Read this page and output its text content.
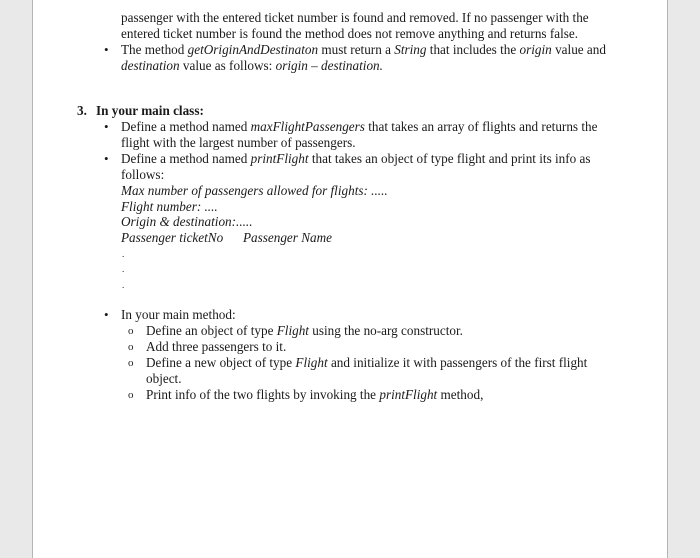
passenger with the entered ticket number is found and removed. If no passenger with the
entered ticket number is found the method does not remove anything and returns false.
• The method getOriginAndDestinaton must return a String that includes the origin value and
destination value as follows: origin – destination.
3. In your main class:
• Define a method named maxFlightPassengers that takes an array of flights and returns the
flight with the largest number of passengers.
• Define a method named printFlight that takes an object of type flight and print its info as
follows:
Max number of passengers allowed for flights: .....
Flight number: ....
Origin & destination:.....
Passenger ticketNo      Passenger Name
.
.
.
• In your main method:
o Define an object of type Flight using the no-arg constructor.
o Add three passengers to it.
o Define a new object of type Flight and initialize it with passengers of the first flight
object.
o Print info of the two flights by invoking the printFlight method,
